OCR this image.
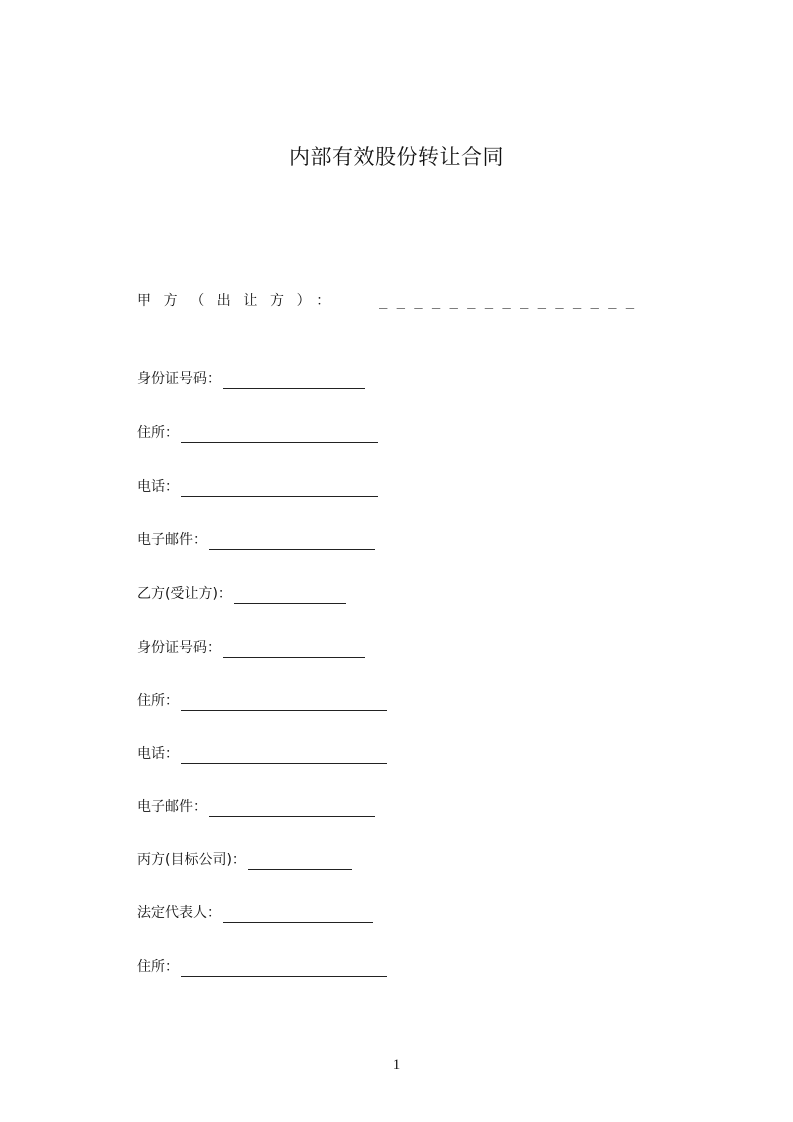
内部有效股份转让合同
甲方（出让方）：	_______________
身份证号码：
住所：
电话：
电子邮件：
乙方(受让方)：
身份证号码：
住所：
电话：
电子邮件：
丙方(目标公司)：
法定代表人：
住所：
1
